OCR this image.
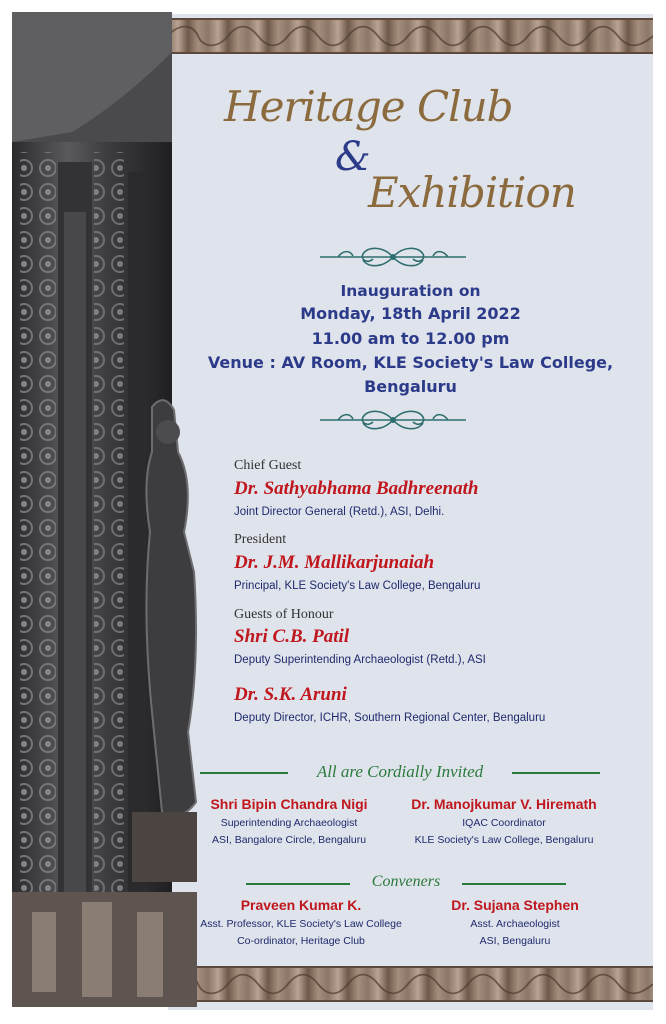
Heritage Club
&
Exhibition
Inauguration on
Monday, 18th April 2022
11.00 am to 12.00 pm
Venue : AV Room, KLE Society's Law College,
Bengaluru
Chief Guest
Dr. Sathyabhama Badhreenath
Joint Director General (Retd.), ASI, Delhi.
President
Dr. J.M. Mallikarjunaiah
Principal, KLE Society's Law College, Bengaluru
Guests of Honour
Shri C.B. Patil
Deputy Superintending Archaeologist (Retd.), ASI
Dr. S.K. Aruni
Deputy Director, ICHR, Southern Regional Center, Bengaluru
All are Cordially Invited
Shri Bipin Chandra Nigi
Superintending Archaeologist
ASI, Bangalore Circle, Bengaluru
Dr. Manojkumar V. Hiremath
IQAC Coordinator
KLE Society's Law College, Bengaluru
Conveners
Praveen Kumar K.
Asst. Professor, KLE Society's Law College
Co-ordinator, Heritage Club
Dr. Sujana Stephen
Asst. Archaeologist
ASI, Bengaluru
